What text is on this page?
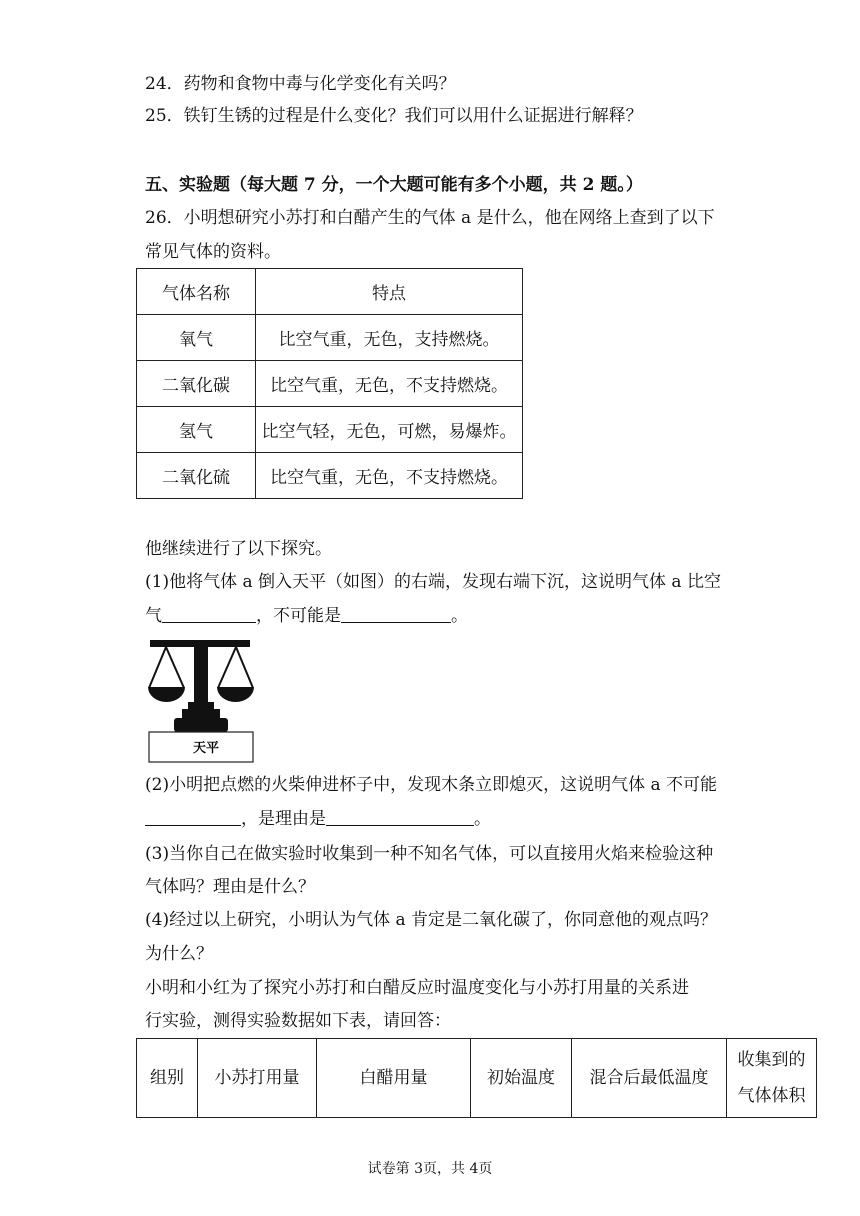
24．药物和食物中毒与化学变化有关吗？
25．铁钉生锈的过程是什么变化？我们可以用什么证据进行解释？
五、实验题（每大题 7 分，一个大题可能有多个小题，共 2 题。）
26．小明想研究小苏打和白醋产生的气体 a 是什么，他在网络上查到了以下
常见气体的资料。
气体名称	特点
氧气	比空气重，无色，支持燃烧。
二氧化碳	比空气重，无色，不支持燃烧。
氢气	比空气轻，无色，可燃，易爆炸。
二氧化硫	比空气重，无色，不支持燃烧。
他继续进行了以下探究。
(1)他将气体 a 倒入天平（如图）的右端，发现右端下沉，这说明气体 a 比空
气	，不可能是	。
天平
(2)小明把点燃的火柴伸进杯子中，发现木条立即熄灭，这说明气体 a 不可能
，是理由是	。
(3)当你自己在做实验时收集到一种不知名气体，可以直接用火焰来检验这种
气体吗？理由是什么？
(4)经过以上研究，小明认为气体 a 肯定是二氧化碳了，你同意他的观点吗？
为什么？
小明和小红为了探究小苏打和白醋反应时温度变化与小苏打用量的关系进
行实验，测得实验数据如下表，请回答：
组别	小苏打用量	白醋用量	初始温度	混合后最低温度	收集到的气体体积
试卷第 3页，共 4页
